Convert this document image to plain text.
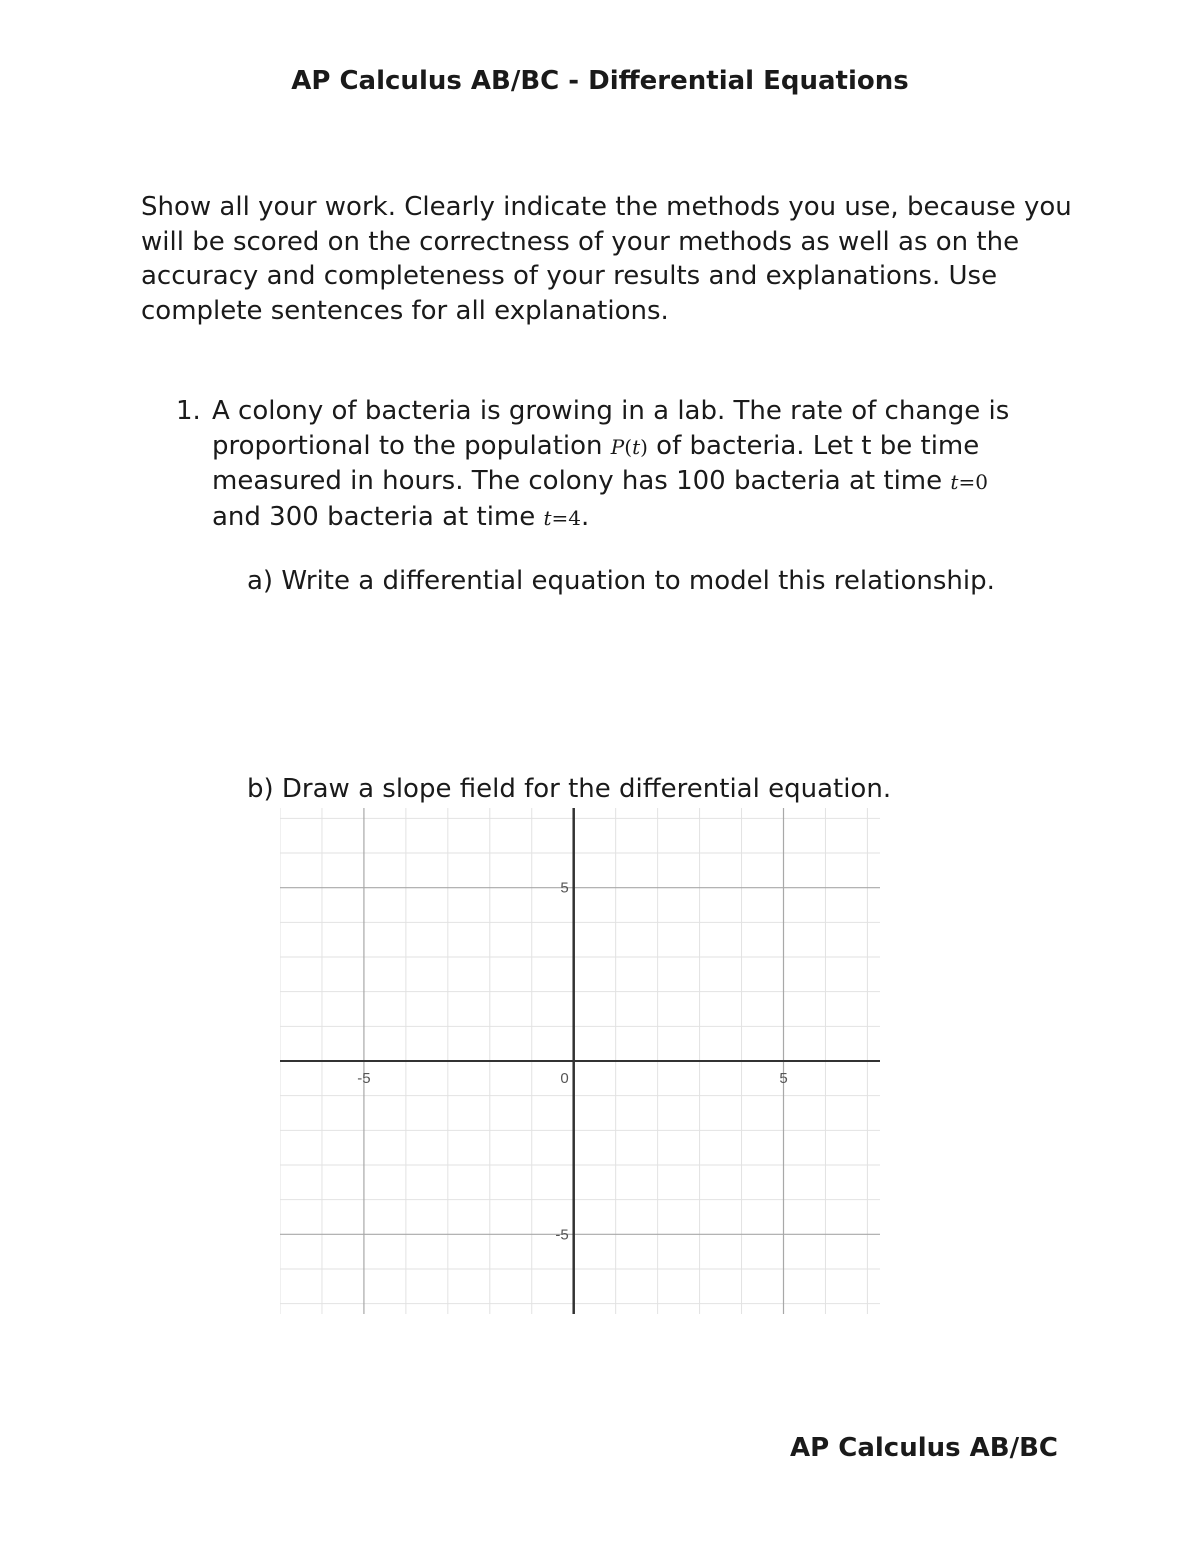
AP Calculus AB/BC - Differential Equations

Show all your work. Clearly indicate the methods you use, because you will be scored on the correctness of your methods as well as on the accuracy and completeness of your results and explanations. Use complete sentences for all explanations.

1. A colony of bacteria is growing in a lab. The rate of change is proportional to the population P(t) of bacteria. Let t be time measured in hours. The colony has 100 bacteria at time t=0
and 300 bacteria at time t=4.

a) Write a differential equation to model this relationship.

b) Draw a slope field for the differential equation.

-5	0	5
5
-5

AP Calculus AB/BC
